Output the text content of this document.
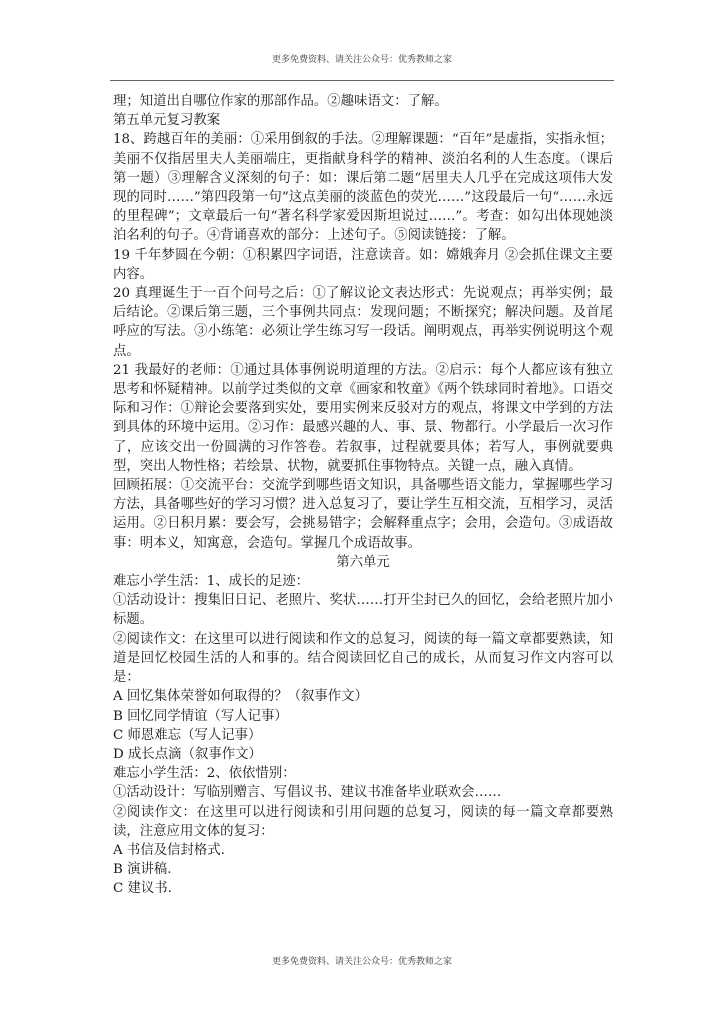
更多免费资料、请关注公众号：优秀教师之家

理；知道出自哪位作家的那部作品。②趣味语文：了解。

第五单元复习教案

18、跨越百年的美丽：①采用倒叙的手法。②理解课题：“百年”是虚指，实指永恒；美丽不仅指居里夫人美丽端庄，更指献身科学的精神、淡泊名利的人生态度。（课后第一题）③理解含义深刻的句子：如：课后第二题“居里夫人几乎在完成这项伟大发现的同时……”第四段第一句“这点美丽的淡蓝色的荧光……”这段最后一句“……永远的里程碑”；文章最后一句“著名科学家爱因斯坦说过……”。考查：如勾出体现她淡泊名利的句子。④背诵喜欢的部分：上述句子。⑤阅读链接：了解。

19 千年梦圆在今朝：①积累四字词语，注意读音。如：嫦娥奔月 ②会抓住课文主要内容。

20 真理诞生于一百个问号之后：①了解议论文表达形式：先说观点；再举实例；最后结论。②课后第三题，三个事例共同点：发现问题；不断探究；解决问题。及首尾呼应的写法。③小练笔：必须让学生练习写一段话。阐明观点，再举实例说明这个观点。

21 我最好的老师：①通过具体事例说明道理的方法。②启示：每个人都应该有独立思考和怀疑精神。以前学过类似的文章《画家和牧童》《两个铁球同时着地》。口语交际和习作：①辩论会要落到实处，要用实例来反驳对方的观点，将课文中学到的方法到具体的环境中运用。②习作：最感兴趣的人、事、景、物都行。小学最后一次习作了，应该交出一份圆满的习作答卷。若叙事，过程就要具体；若写人，事例就要典型，突出人物性格；若绘景、状物，就要抓住事物特点。关键一点，融入真情。

回顾拓展：①交流平台：交流学到哪些语文知识，具备哪些语文能力，掌握哪些学习方法，具备哪些好的学习习惯？进入总复习了，要让学生互相交流，互相学习，灵活运用。②日积月累：要会写，会挑易错字；会解释重点字；会用，会造句。③成语故事：明本义，知寓意，会造句。掌握几个成语故事。

第六单元

难忘小学生活：1、成长的足迹：

①活动设计：搜集旧日记、老照片、奖状……打开尘封已久的回忆，会给老照片加小标题。

②阅读作文：在这里可以进行阅读和作文的总复习，阅读的每一篇文章都要熟读，知道是回忆校园生活的人和事的。结合阅读回忆自己的成长，从而复习作文内容可以是：

A 回忆集体荣誉如何取得的？（叙事作文）

B 回忆同学情谊（写人记事）

C 师恩难忘（写人记事）

D 成长点滴（叙事作文）

难忘小学生活：2、依依惜别：

①活动设计：写临别赠言、写倡议书、建议书准备毕业联欢会……

②阅读作文：在这里可以进行阅读和引用问题的总复习，阅读的每一篇文章都要熟读，注意应用文体的复习：

A 书信及信封格式.

B 演讲稿.

C 建议书.

更多免费资料、请关注公众号：优秀教师之家
